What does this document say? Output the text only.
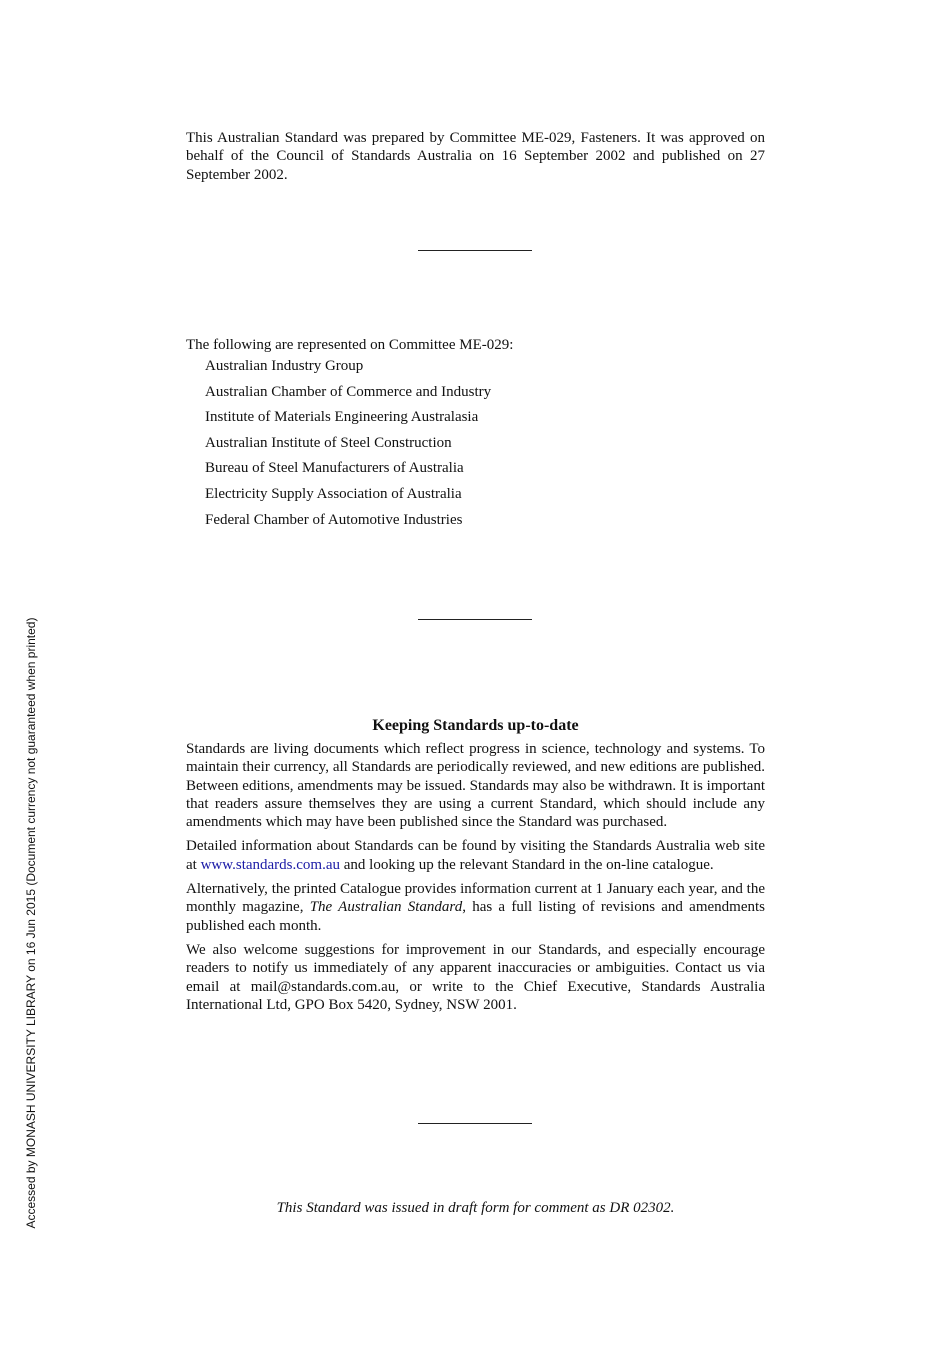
This Australian Standard was prepared by Committee ME-029, Fasteners. It was approved on behalf of the Council of Standards Australia on 16 September 2002 and published on 27 September 2002.

The following are represented on Committee ME-029:

Australian Industry Group
Australian Chamber of Commerce and Industry
Institute of Materials Engineering Australasia
Australian Institute of Steel Construction
Bureau of Steel Manufacturers of Australia
Electricity Supply Association of Australia
Federal Chamber of Automotive Industries
Keeping Standards up-to-date

Standards are living documents which reflect progress in science, technology and systems. To maintain their currency, all Standards are periodically reviewed, and new editions are published. Between editions, amendments may be issued. Standards may also be withdrawn. It is important that readers assure themselves they are using a current Standard, which should include any amendments which may have been published since the Standard was purchased.

Detailed information about Standards can be found by visiting the Standards Australia web site at www.standards.com.au and looking up the relevant Standard in the on-line catalogue.

Alternatively, the printed Catalogue provides information current at 1 January each year, and the monthly magazine, The Australian Standard, has a full listing of revisions and amendments published each month.

We also welcome suggestions for improvement in our Standards, and especially encourage readers to notify us immediately of any apparent inaccuracies or ambiguities. Contact us via email at mail@standards.com.au, or write to the Chief Executive, Standards Australia International Ltd, GPO Box 5420, Sydney, NSW 2001.

This Standard was issued in draft form for comment as DR 02302.

Accessed by MONASH UNIVERSITY LIBRARY on 16 Jun 2015 (Document currency not guaranteed when printed)
